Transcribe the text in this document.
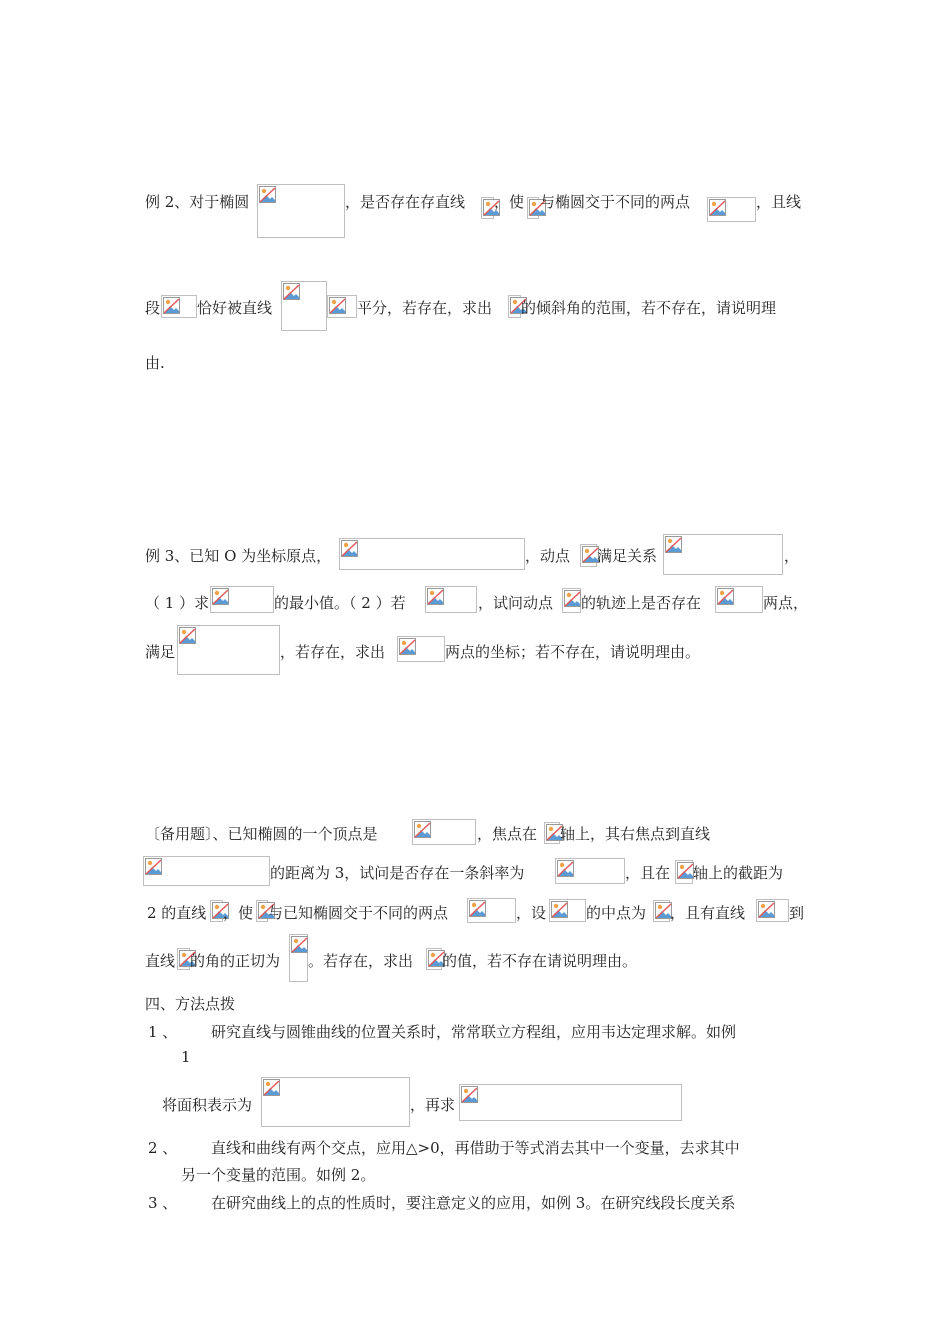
例 2、对于椭圆	，是否存在存直线 ，使 与椭圆交于不同的两点	，且线
段 恰好被直线	平分，若存在，求出 的倾斜角的范围，若不存在，请说明理
由.
例 3、已知 O 为坐标原点，	，动点 满足关系	，
（ 1 ）求	的最小值。（ 2 ）若	，试问动点 的轨迹上是否存在	两点，
满足	，若存在，求出	两点的坐标；若不存在，请说明理由。
〔备用题〕、已知椭圆的一个顶点是	，焦点在 轴上，其右焦点到直线
的距离为 3，试问是否存在一条斜率为	，且在 轴上的截距为
2 的直线 ，使 与已知椭圆交于不同的两点	，设	的中点为 ，且有直线	到
直线 的角的正切为 。若存在，求出 的值，若不存在请说明理由。
四、方法点拨
1 、 研究直线与圆锥曲线的位置关系时，常常联立方程组，应用韦达定理求解。如例
1
将面积表示为	，再求
2 、 直线和曲线有两个交点，应用△>0，再借助于等式消去其中一个变量，去求其中
另一个变量的范围。如例 2。
3 、 在研究曲线上的点的性质时，要注意定义的应用，如例 3。在研究线段长度关系
